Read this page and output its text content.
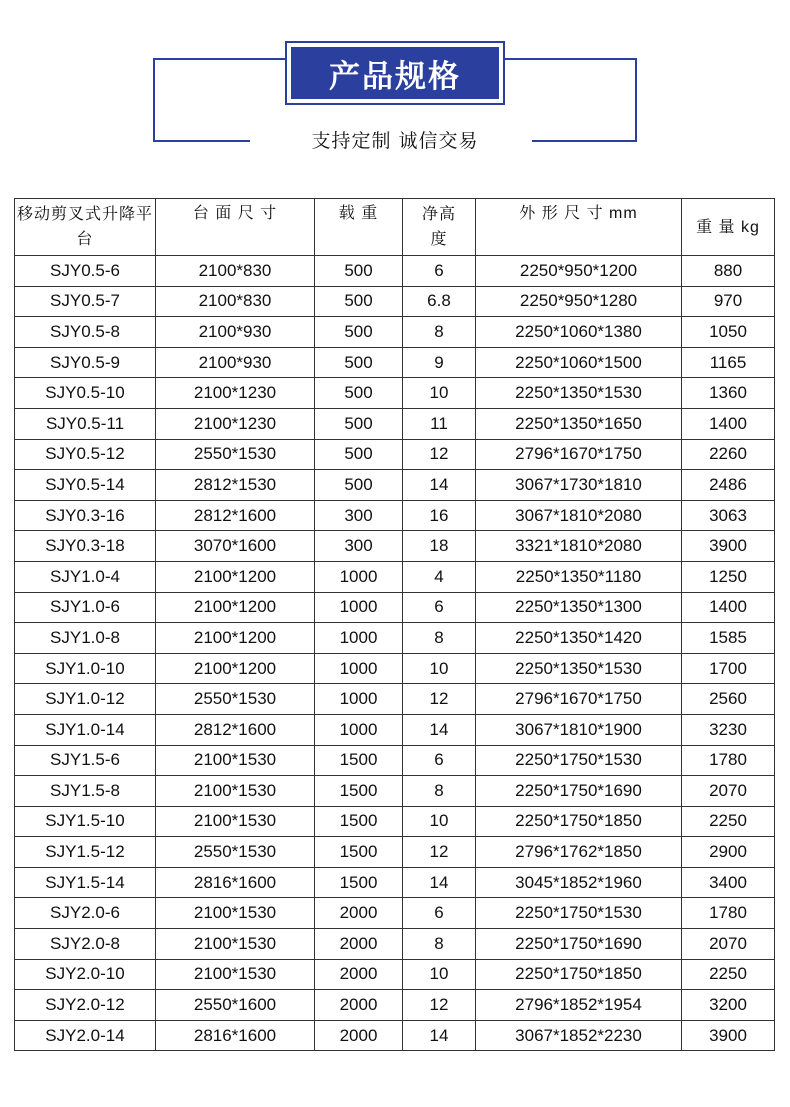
产品规格
支持定制 诚信交易
移动剪叉式升降平台	台 面 尺 寸	载 重	净高度	外 形 尺 寸 mm	重 量 kg
SJY0.5-6	2100*830	500	6	2250*950*1200	880
SJY0.5-7	2100*830	500	6.8	2250*950*1280	970
SJY0.5-8	2100*930	500	8	2250*1060*1380	1050
SJY0.5-9	2100*930	500	9	2250*1060*1500	1165
SJY0.5-10	2100*1230	500	10	2250*1350*1530	1360
SJY0.5-11	2100*1230	500	11	2250*1350*1650	1400
SJY0.5-12	2550*1530	500	12	2796*1670*1750	2260
SJY0.5-14	2812*1530	500	14	3067*1730*1810	2486
SJY0.3-16	2812*1600	300	16	3067*1810*2080	3063
SJY0.3-18	3070*1600	300	18	3321*1810*2080	3900
SJY1.0-4	2100*1200	1000	4	2250*1350*1180	1250
SJY1.0-6	2100*1200	1000	6	2250*1350*1300	1400
SJY1.0-8	2100*1200	1000	8	2250*1350*1420	1585
SJY1.0-10	2100*1200	1000	10	2250*1350*1530	1700
SJY1.0-12	2550*1530	1000	12	2796*1670*1750	2560
SJY1.0-14	2812*1600	1000	14	3067*1810*1900	3230
SJY1.5-6	2100*1530	1500	6	2250*1750*1530	1780
SJY1.5-8	2100*1530	1500	8	2250*1750*1690	2070
SJY1.5-10	2100*1530	1500	10	2250*1750*1850	2250
SJY1.5-12	2550*1530	1500	12	2796*1762*1850	2900
SJY1.5-14	2816*1600	1500	14	3045*1852*1960	3400
SJY2.0-6	2100*1530	2000	6	2250*1750*1530	1780
SJY2.0-8	2100*1530	2000	8	2250*1750*1690	2070
SJY2.0-10	2100*1530	2000	10	2250*1750*1850	2250
SJY2.0-12	2550*1600	2000	12	2796*1852*1954	3200
SJY2.0-14	2816*1600	2000	14	3067*1852*2230	3900
